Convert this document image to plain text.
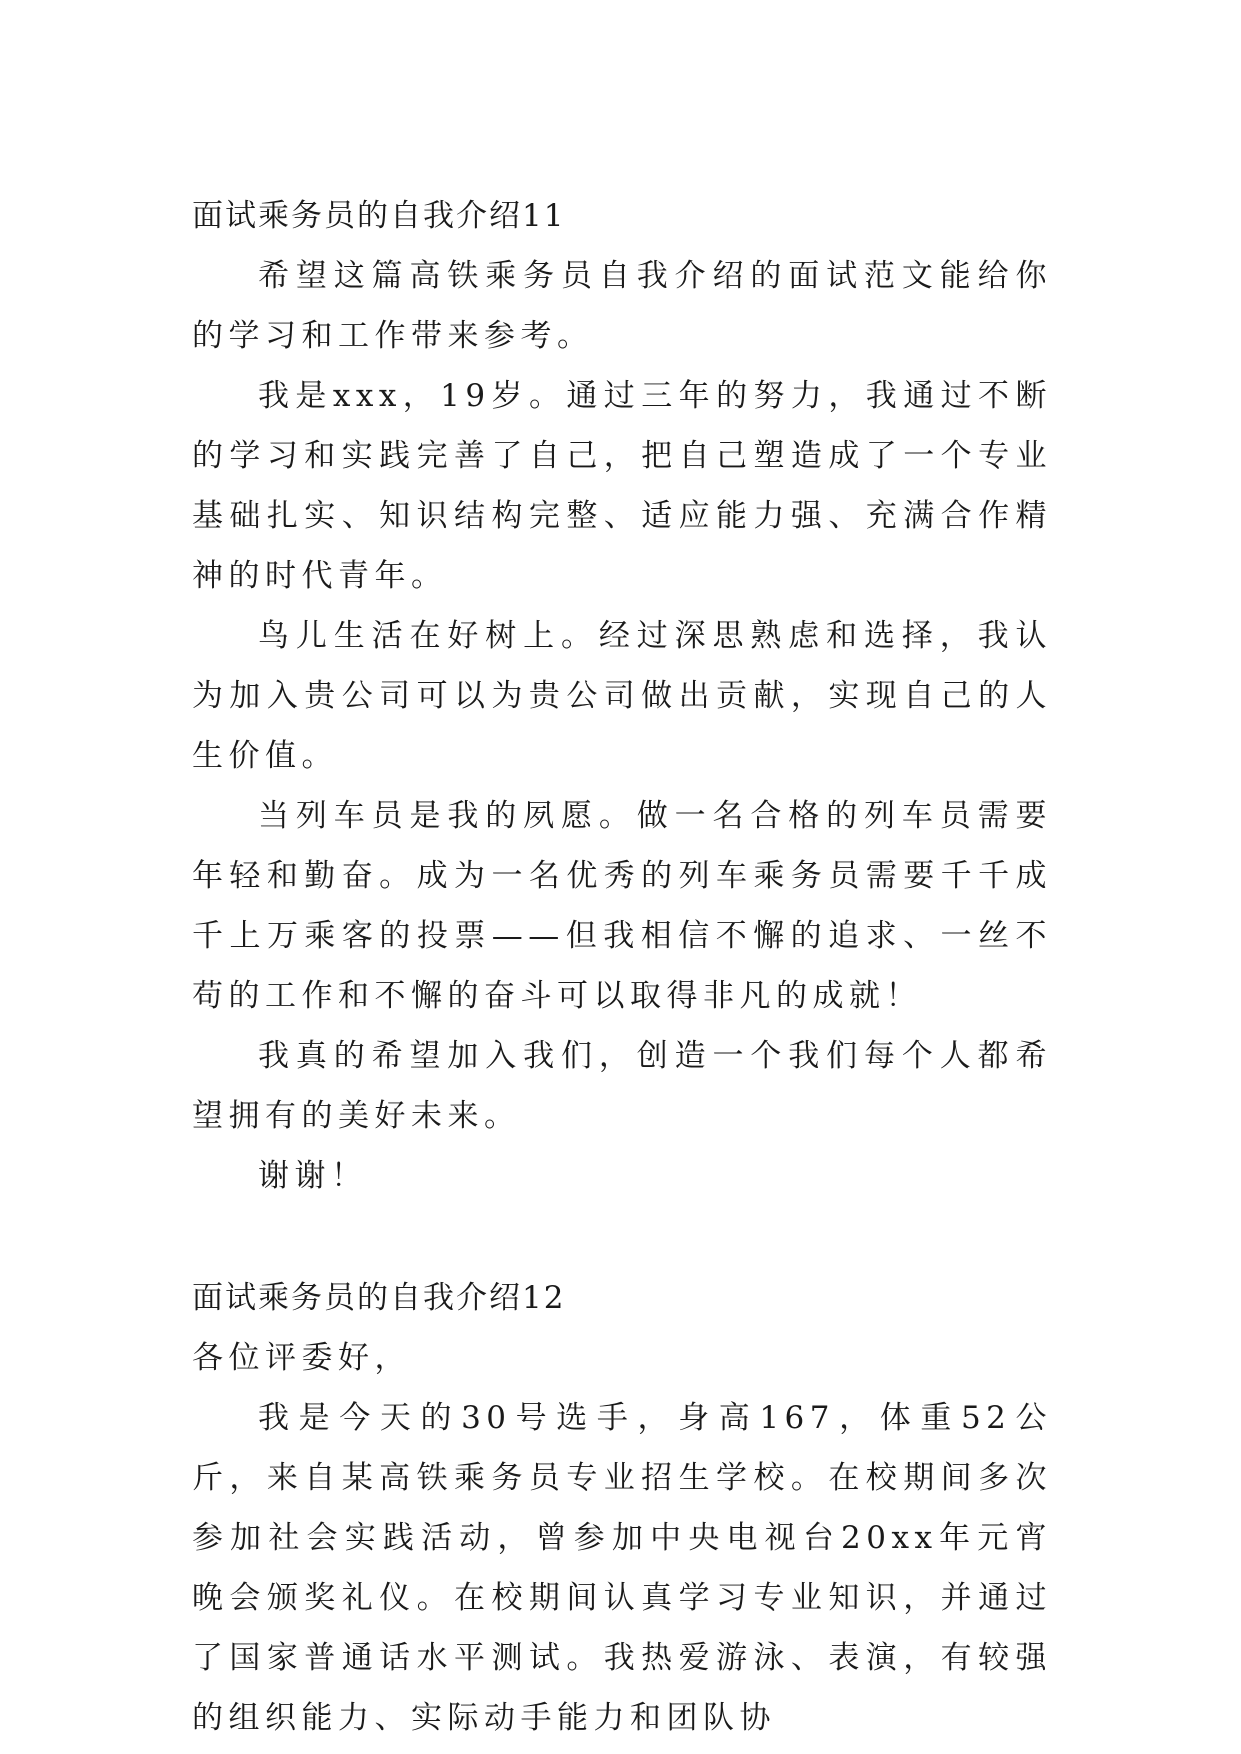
面试乘务员的自我介绍11

希望这篇高铁乘务员自我介绍的面试范文能给你的学习和工作带来参考。

我是xxx，19岁。通过三年的努力，我通过不断的学习和实践完善了自己，把自己塑造成了一个专业基础扎实、知识结构完整、适应能力强、充满合作精神的时代青年。

鸟儿生活在好树上。经过深思熟虑和选择，我认为加入贵公司可以为贵公司做出贡献，实现自己的人生价值。

当列车员是我的夙愿。做一名合格的列车员需要年轻和勤奋。成为一名优秀的列车乘务员需要千千成千上万乘客的投票——但我相信不懈的追求、一丝不苟的工作和不懈的奋斗可以取得非凡的成就！

我真的希望加入我们，创造一个我们每个人都希望拥有的美好未来。

谢谢！

面试乘务员的自我介绍12

各位评委好，

我是今天的30号选手，身高167，体重52公斤，来自某高铁乘务员专业招生学校。在校期间多次参加社会实践活动，曾参加中央电视台20xx年元宵晚会颁奖礼仪。在校期间认真学习专业知识，并通过了国家普通话水平测试。我热爱游泳、表演，有较强的组织能力、实际动手能力和团队协
